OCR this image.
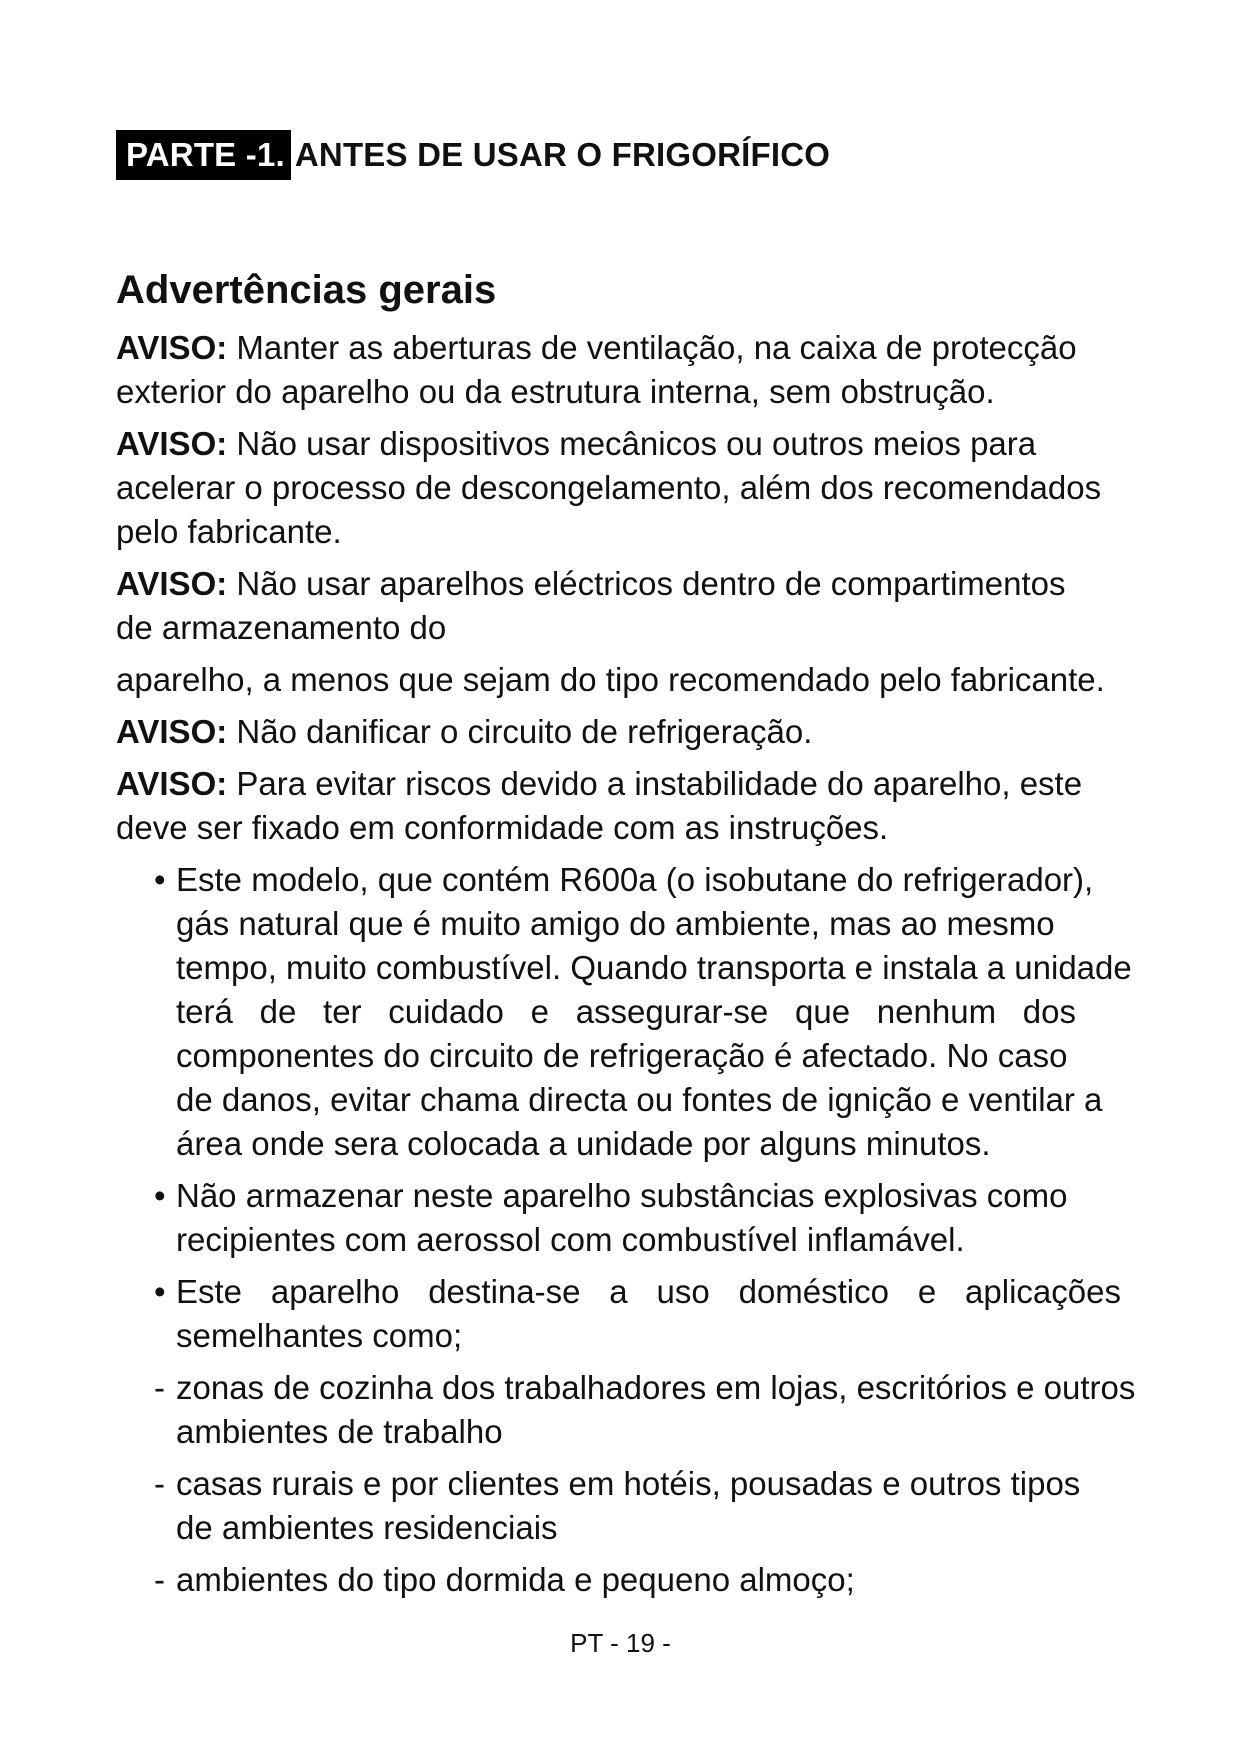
PARTE -1. ANTES DE USAR O FRIGORÍFICO
Advertências gerais
AVISO: Manter as aberturas de ventilação, na caixa de protecção
exterior do aparelho ou da estrutura interna, sem obstrução.
AVISO: Não usar dispositivos mecânicos ou outros meios para
acelerar o processo de descongelamento, além dos recomendados
pelo fabricante.
AVISO: Não usar aparelhos eléctricos dentro de compartimentos
de armazenamento do
aparelho, a menos que sejam do tipo recomendado pelo fabricante.
AVISO: Não danificar o circuito de refrigeração.
AVISO: Para evitar riscos devido a instabilidade do aparelho, este
deve ser fixado em conformidade com as instruções.
• Este modelo, que contém R600a (o isobutane do refrigerador),
gás natural que é muito amigo do ambiente, mas ao mesmo
tempo, muito combustível. Quando transporta e instala a unidade
terá de ter cuidado e assegurar-se que nenhum dos
componentes do circuito de refrigeração é afectado. No caso
de danos, evitar chama directa ou fontes de ignição e ventilar a
área onde sera colocada a unidade por alguns minutos.
• Não armazenar neste aparelho substâncias explosivas como
recipientes com aerossol com combustível inflamável.
• Este aparelho destina-se a uso doméstico e aplicações
semelhantes como;
- zonas de cozinha dos trabalhadores em lojas, escritórios e outros
ambientes de trabalho
- casas rurais e por clientes em hotéis, pousadas e outros tipos
de ambientes residenciais
- ambientes do tipo dormida e pequeno almoço;
PT - 19 -
